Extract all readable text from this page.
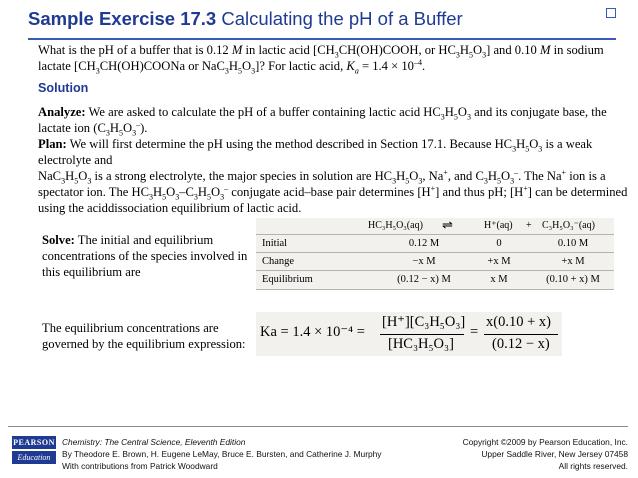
Sample Exercise 17.3 Calculating the pH of a Buffer
What is the pH of a buffer that is 0.12 M in lactic acid [$CH_3CH(OH)COOH$, or $HC_3H_5O_3$] and 0.10 M in sodium lactate [$CH_3CH(OH)COONa$ or $NaC_3H_5O_3$]? For lactic acid, $K_a = 1.4 \times 10^{-4}$.
Solution
Analyze: We are asked to calculate the pH of a buffer containing lactic acid $HC_3H_5O_3$ and its conjugate base, the lactate ion $(C_3H_5O_3^-)$.
Plan: We will first determine the pH using the method described in Section 17.1. Because $HC_3H_5O_3$ is a weak electrolyte and
$NaC_3H_5O_3$ is a strong electrolyte, the major species in solution are $HC_3H_5O_3$, Na+, and $C_3H_5O_3^-$. The Na+ ion is a spectator ion. The $HC_3H_5O_3-C_3H_5O_3^-$ conjugate acid–base pair determines [H+] and thus pH; [H+] can be determined using the aciddissociation equilibrium of lactic acid.
Solve: The initial and equilibrium concentrations of the species involved in this equilibrium are
HC₃H₅O₃(aq) ⇌	H⁺(aq) + C₃H₅O₃⁻(aq)
Initial	0.12 M	0	0.10 M
Change	−x M	+x M	+x M
Equilibrium	(0.12 − x) M	x M	(0.10 + x) M
The equilibrium concentrations are governed by the equilibrium expression:
Ka = 1.4 × 10⁻⁴ =
[H⁺][C₃H₅O₃]
[HC₃H₅O₃]
=
x(0.10 + x)
(0.12 − x)
PEARSON
Education
Chemistry: The Central Science, Eleventh Edition
By Theodore E. Brown, H. Eugene LeMay, Bruce E. Bursten, and Catherine J. Murphy
With contributions from Patrick Woodward
Copyright ©2009 by Pearson Education, Inc.
Upper Saddle River, New Jersey 07458
All rights reserved.
